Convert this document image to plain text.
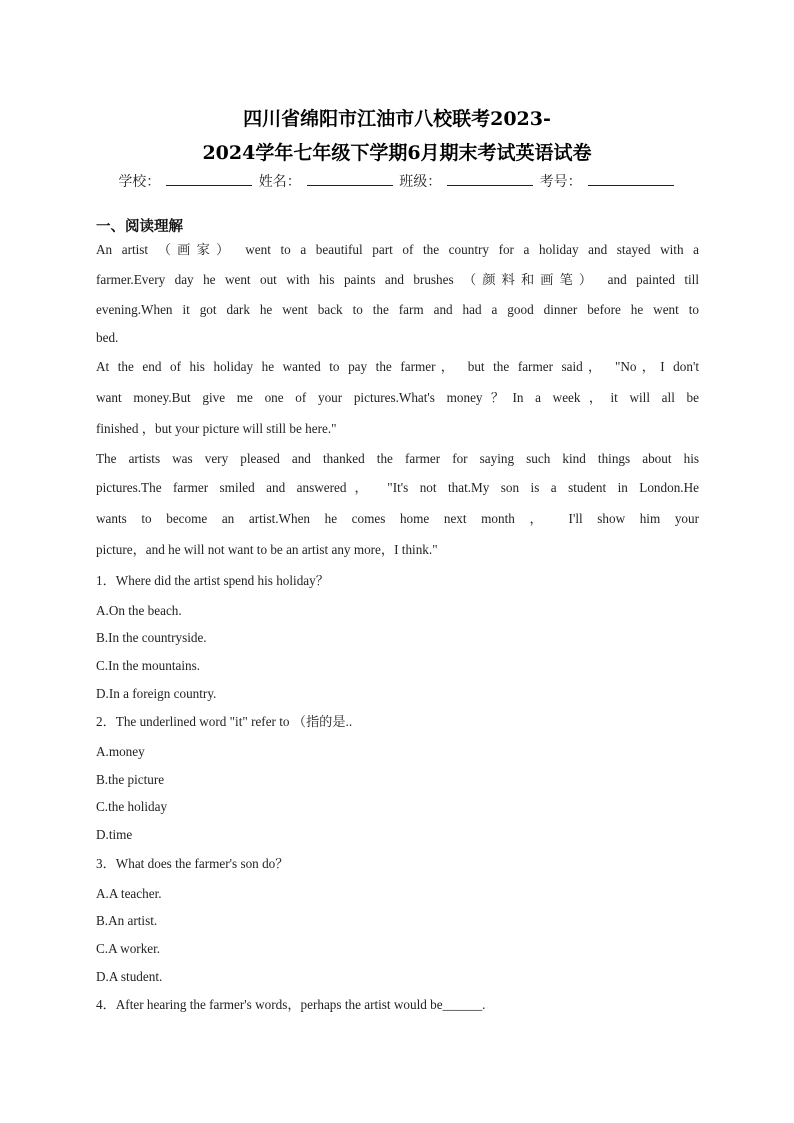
四川省绵阳市江油市八校联考2023-
2024学年七年级下学期6月期末考试英语试卷
学校：	姓名：	班级：	考号：
一、阅读理解
An artist （画家） went to a beautiful part of the country for a holiday and stayed with a
farmer.Every day he went out with his paints and brushes （颜料和画笔） and painted till
evening.When it got dark he went back to the farm and had a good dinner before he went to
bed.
At the end of his holiday he wanted to pay the farmer， but the farmer said， "No，I don't
want money.But give me one of your pictures.What's money？In a week，it will all be
finished ，but your picture will still be here."
The artists was very pleased and thanked the farmer for saying such kind things about his
pictures.The farmer smiled and answered， "It's not that.My son is a student in London.He
wants to become an artist.When he comes home next month ， I'll show him your
picture，and he will not want to be an artist any more，I think."
1．Where did the artist spend his holiday？
A.On the beach.
B.In the countryside.
C.In the mountains.
D.In a foreign country.
2．The underlined word "it" refer to （指的是..
A.money
B.the picture
C.the holiday
D.time
3．What does the farmer's son do？
A.A teacher.
B.An artist.
C.A worker.
D.A student.
4．After hearing the farmer's words，perhaps the artist would be______.
